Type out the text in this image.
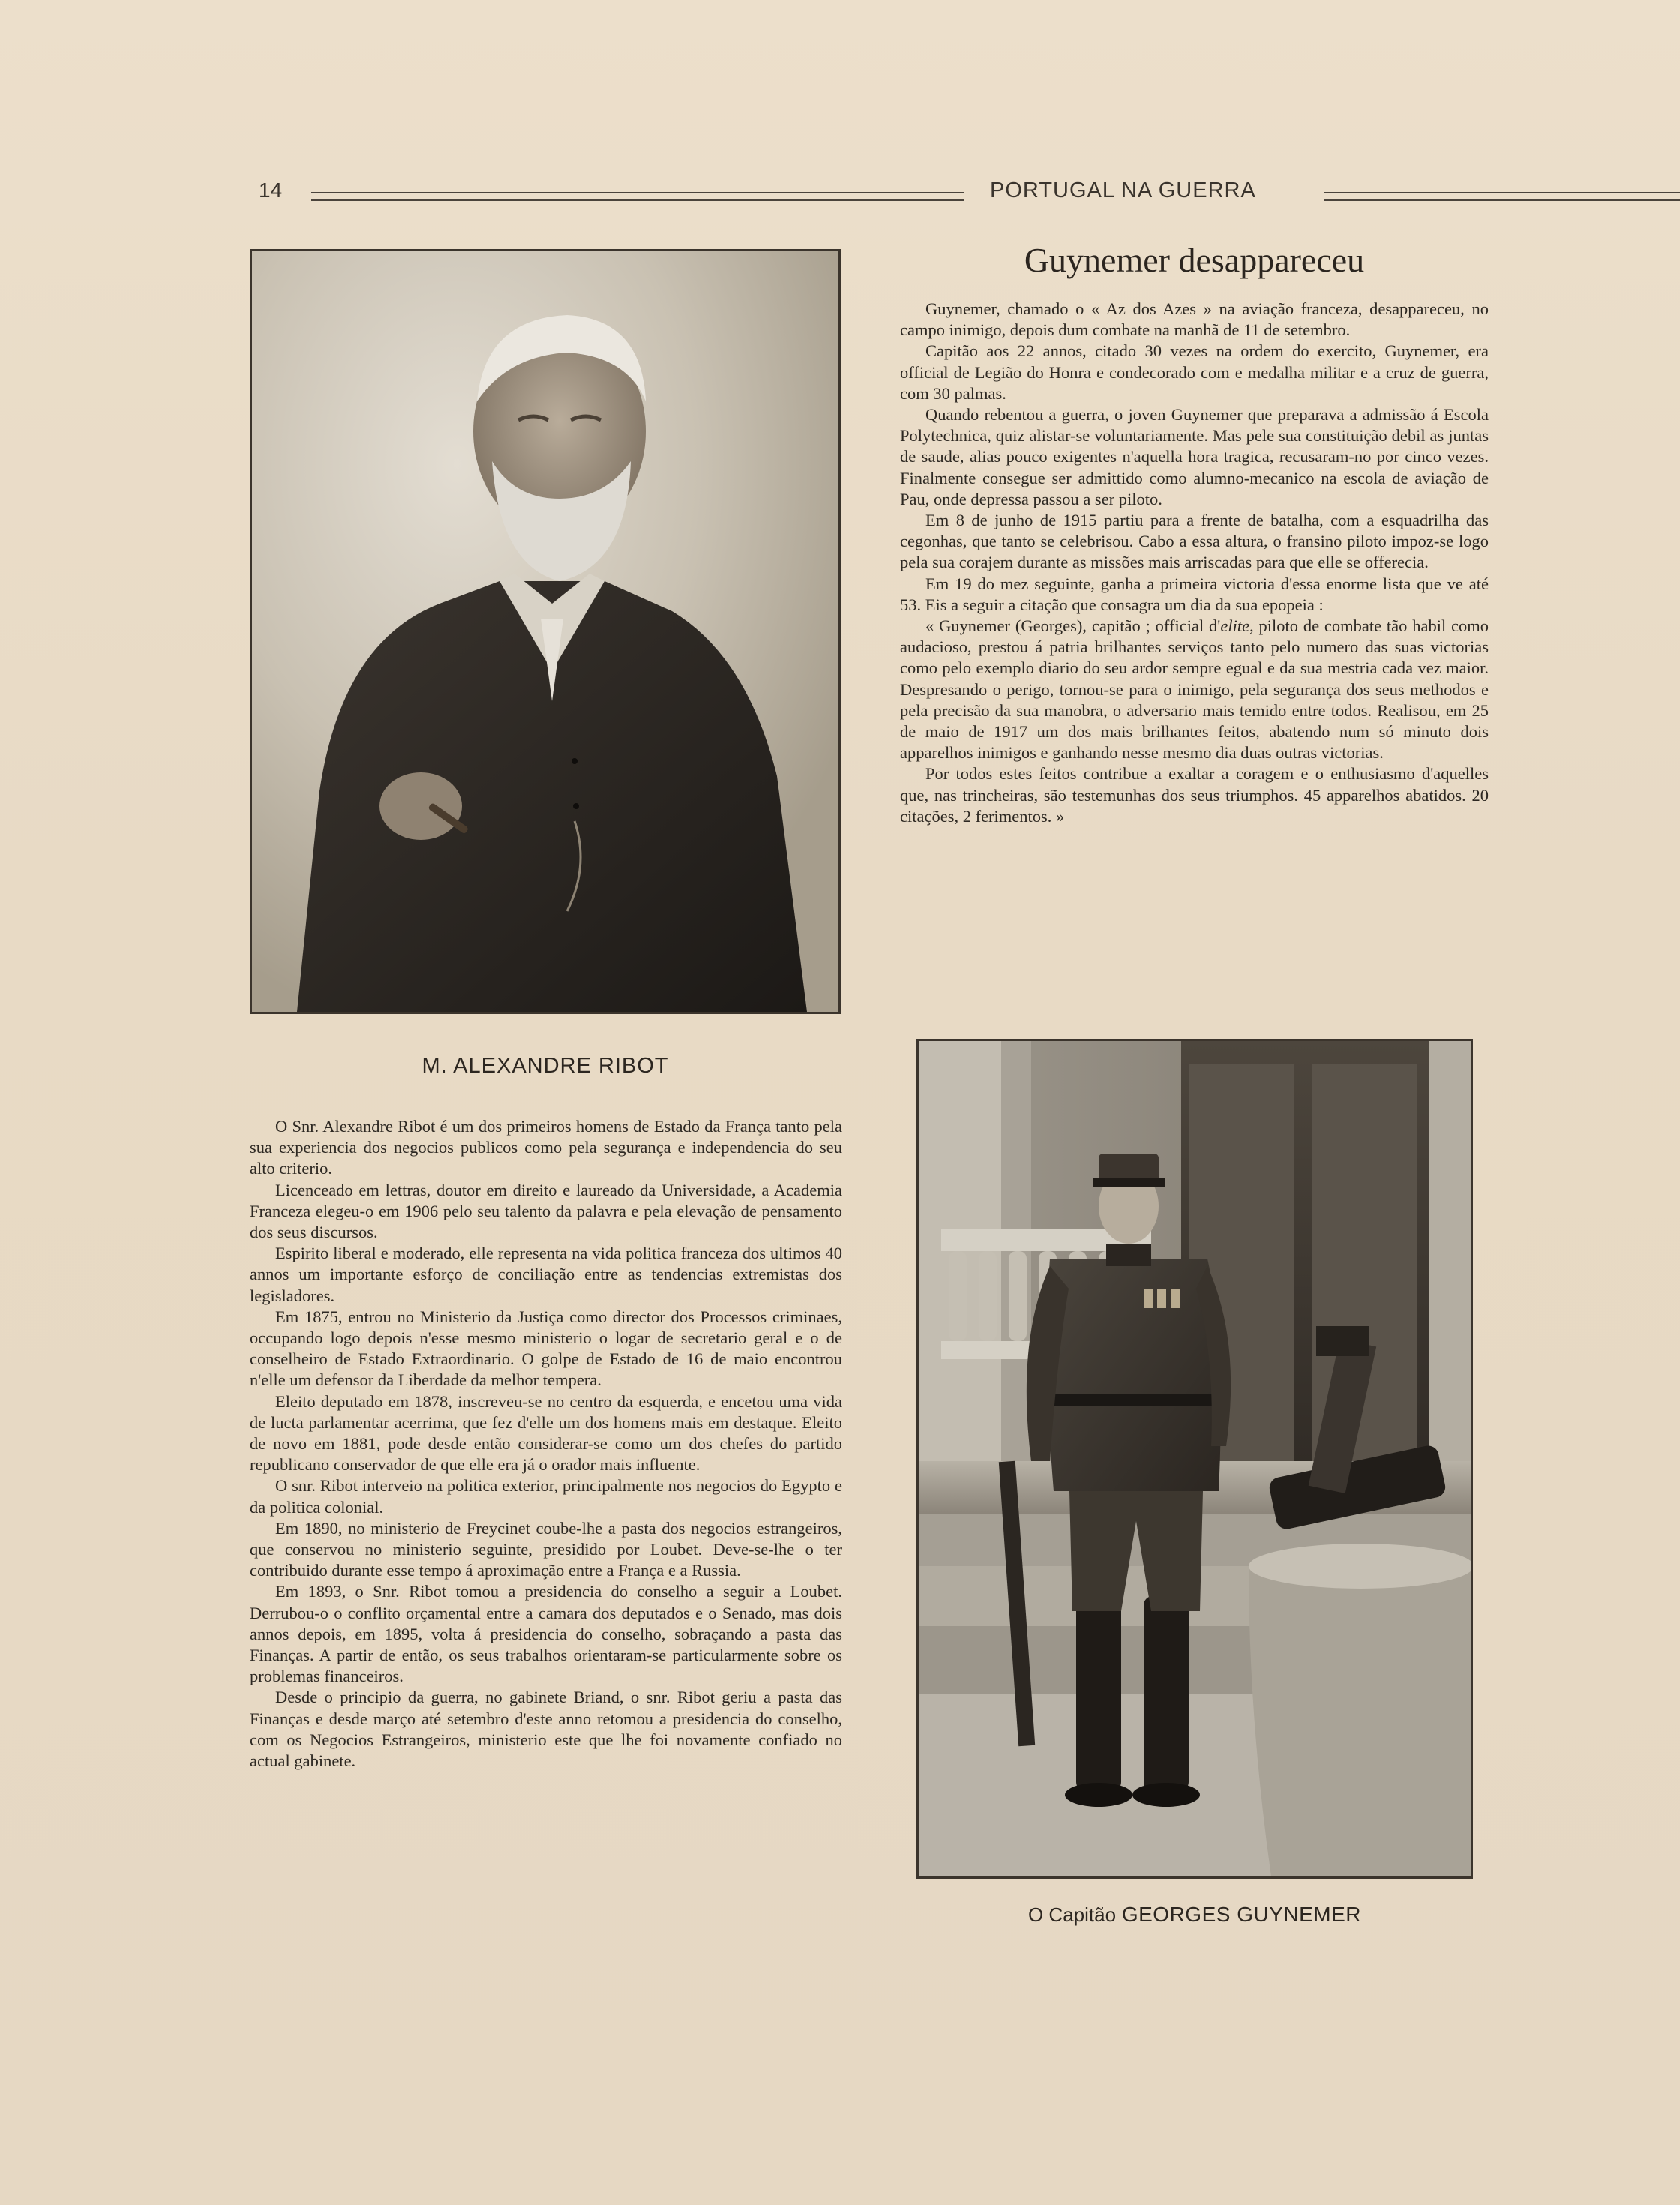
14	PORTUGAL NA GUERRA
M. ALEXANDRE RIBOT

O Snr. Alexandre Ribot é um dos primeiros homens de Estado da França tanto pela sua experiencia dos negocios publicos como pela segurança e independencia do seu alto criterio.

Licenceado em lettras, doutor em direito e laureado da Universidade, a Academia Franceza elegeu-o em 1906 pelo seu talento da palavra e pela elevação de pensamento dos seus discursos.

Espirito liberal e moderado, elle representa na vida politica franceza dos ultimos 40 annos um importante esforço de conciliação entre as tendencias extremistas dos legisladores.

Em 1875, entrou no Ministerio da Justiça como director dos Processos criminaes, occupando logo depois n'esse mesmo ministerio o logar de secretario geral e o de conselheiro de Estado Extraordinario. O golpe de Estado de 16 de maio encontrou n'elle um defensor da Liberdade da melhor tempera.

Eleito deputado em 1878, inscreveu-se no centro da esquerda, e encetou uma vida de lucta parlamentar acerrima, que fez d'elle um dos homens mais em destaque. Eleito de novo em 1881, pode desde então considerar-se como um dos chefes do partido republicano conservador de que elle era já o orador mais influente.

O snr. Ribot interveio na politica exterior, principalmente nos negocios do Egypto e da politica colonial.

Em 1890, no ministerio de Freycinet coube-lhe a pasta dos negocios estrangeiros, que conservou no ministerio seguinte, presidido por Loubet. Deve-se-lhe o ter contribuido durante esse tempo á aproximação entre a França e a Russia.

Em 1893, o Snr. Ribot tomou a presidencia do conselho a seguir a Loubet. Derrubou-o o conflito orçamental entre a camara dos deputados e o Senado, mas dois annos depois, em 1895, volta á presidencia do conselho, sobraçando a pasta das Finanças. A partir de então, os seus trabalhos orientaram-se particularmente sobre os problemas financeiros.

Desde o principio da guerra, no gabinete Briand, o snr. Ribot geriu a pasta das Finanças e desde março até setembro d'este anno retomou a presidencia do conselho, com os Negocios Estrangeiros, ministerio este que lhe foi novamente confiado no actual gabinete.

Guynemer desappareceu

Guynemer, chamado o « Az dos Azes » na aviação franceza, desappareceu, no campo inimigo, depois dum combate na manhã de 11 de setembro.

Capitão aos 22 annos, citado 30 vezes na ordem do exercito, Guynemer, era official de Legião do Honra e condecorado com e medalha militar e a cruz de guerra, com 30 palmas.

Quando rebentou a guerra, o joven Guynemer que preparava a admissão á Escola Polytechnica, quiz alistar-se voluntariamente. Mas pele sua constituição debil as juntas de saude, alias pouco exigentes n'aquella hora tragica, recusaram-no por cinco vezes. Finalmente consegue ser admittido como alumno-mecanico na escola de aviação de Pau, onde depressa passou a ser piloto.

Em 8 de junho de 1915 partiu para a frente de batalha, com a esquadrilha das cegonhas, que tanto se celebrisou. Cabo a essa altura, o fransino piloto impoz-se logo pela sua corajem durante as missões mais arriscadas para que elle se offerecia.

Em 19 do mez seguinte, ganha a primeira victoria d'essa enorme lista que ve até 53. Eis a seguir a citação que consagra um dia da sua epopeia :

« Guynemer (Georges), capitão ; official d'elite, piloto de combate tão habil como audacioso, prestou á patria brilhantes serviços tanto pelo numero das suas victorias como pelo exemplo diario do seu ardor sempre egual e da sua mestria cada vez maior. Despresando o perigo, tornou-se para o inimigo, pela segurança dos seus methodos e pela precisão da sua manobra, o adversario mais temido entre todos. Realisou, em 25 de maio de 1917 um dos mais brilhantes feitos, abatendo num só minuto dois apparelhos inimigos e ganhando nesse mesmo dia duas outras victorias.

Por todos estes feitos contribue a exaltar a coragem e o enthusiasmo d'aquelles que, nas trincheiras, são testemunhas dos seus triumphos. 45 apparelhos abatidos. 20 citações, 2 ferimentos. »

O Capitão GEORGES GUYNEMER
